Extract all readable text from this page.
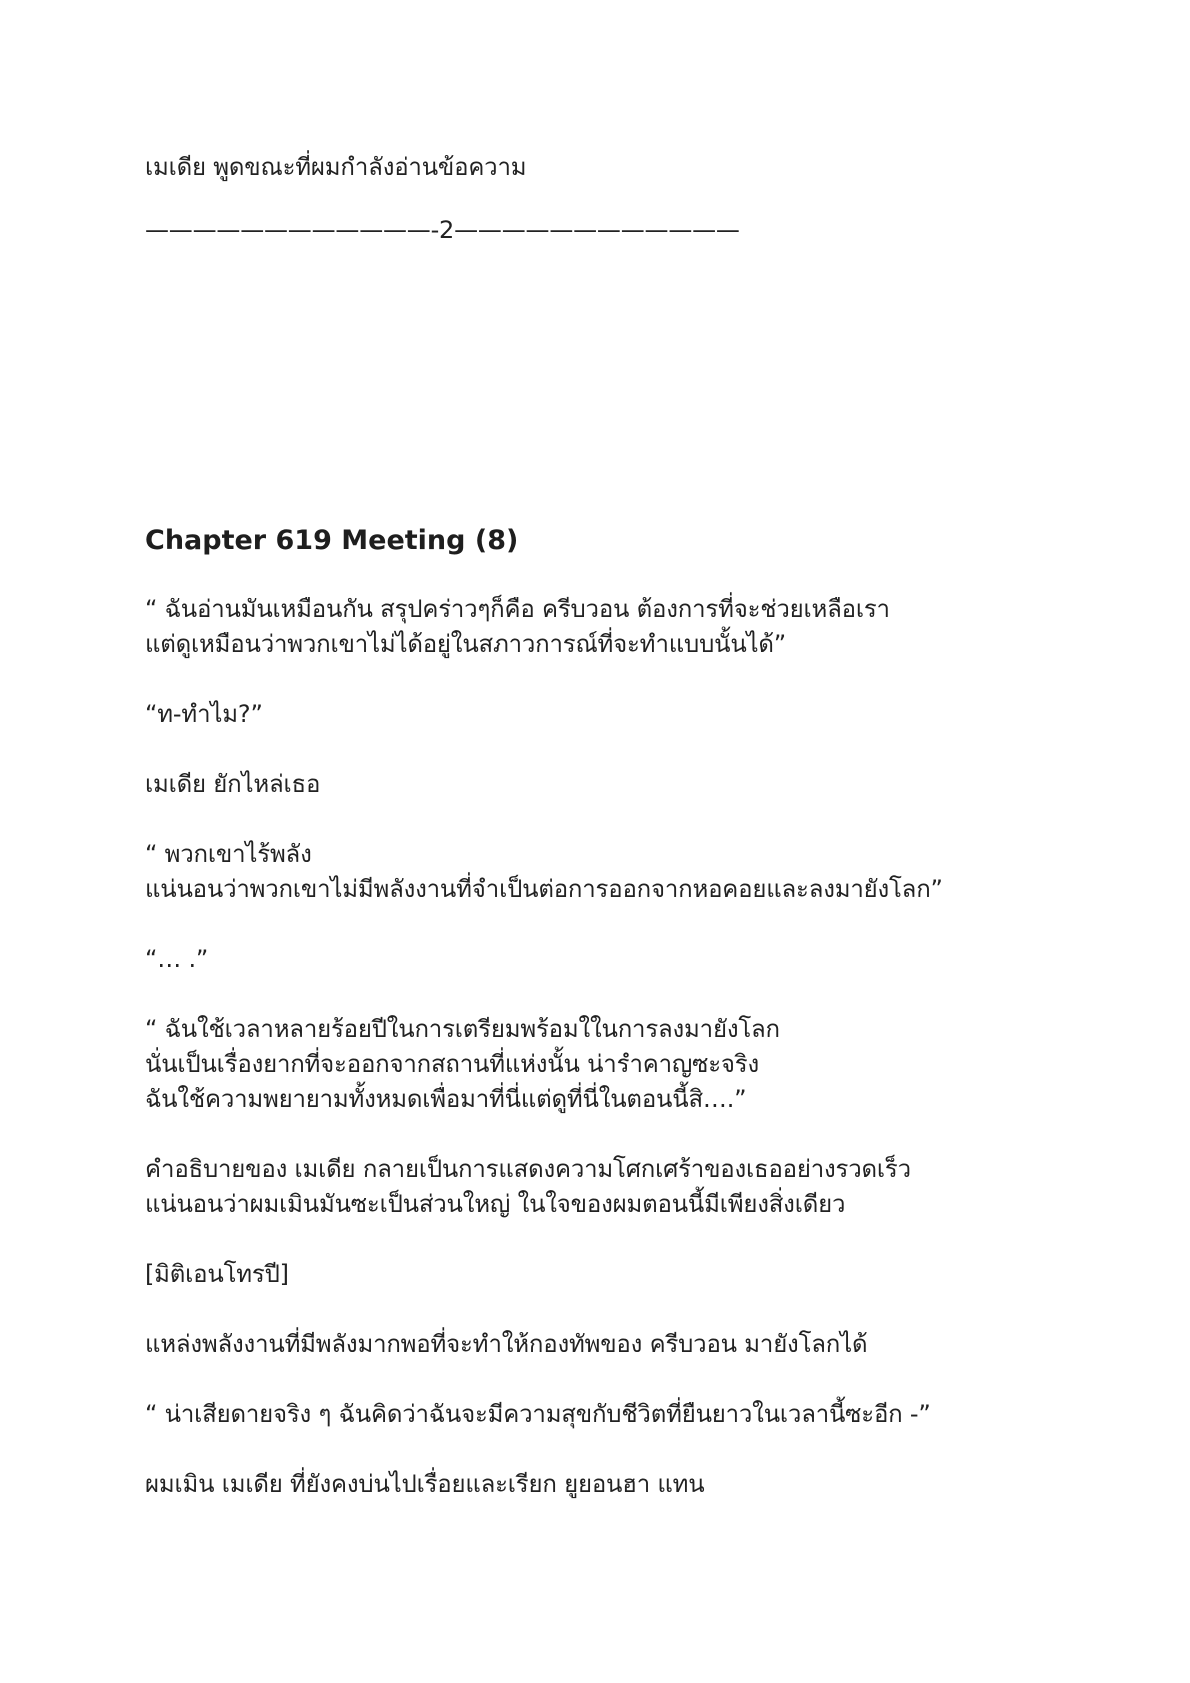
เมเดีย พูดขณะที่ผมกำลังอ่านข้อความ
————————————-2————————————
Chapter 619 Meeting (8)
“ ฉันอ่านมันเหมือนกัน สรุปคร่าวๆก็คือ ครีบวอน ต้องการที่จะช่วยเหลือเรา
แต่ดูเหมือนว่าพวกเขาไม่ได้อยู่ในสภาวการณ์ที่จะทำแบบนั้นได้”
“ท-ทำไม?”
เมเดีย ยักไหล่เธอ
“ พวกเขาไร้พลัง
แน่นอนว่าพวกเขาไม่มีพลังงานที่จำเป็นต่อการออกจากหอคอยและลงมายังโลก”
“… .”
“ ฉันใช้เวลาหลายร้อยปีในการเตรียมพร้อมใในการลงมายังโลก
นั่นเป็นเรื่องยากที่จะออกจากสถานที่แห่งนั้น น่ารำคาญซะจริง
ฉันใช้ความพยายามทั้งหมดเพื่อมาที่นี่แต่ดูที่นี่ในตอนนี้สิ….”
คำอธิบายของ เมเดีย กลายเป็นการแสดงความโศกเศร้าของเธออย่างรวดเร็ว
แน่นอนว่าผมเมินมันซะเป็นส่วนใหญ่ ในใจของผมตอนนี้มีเพียงสิ่งเดียว
[มิติเอนโทรปี]
แหล่งพลังงานที่มีพลังมากพอที่จะทำให้กองทัพของ ครีบวอน มายังโลกได้
“ น่าเสียดายจริง ๆ ฉันคิดว่าฉันจะมีความสุขกับชีวิตที่ยืนยาวในเวลานี้ซะอีก -”
ผมเมิน เมเดีย ที่ยังคงบ่นไปเรื่อยและเรียก ยูยอนฮา แทน
